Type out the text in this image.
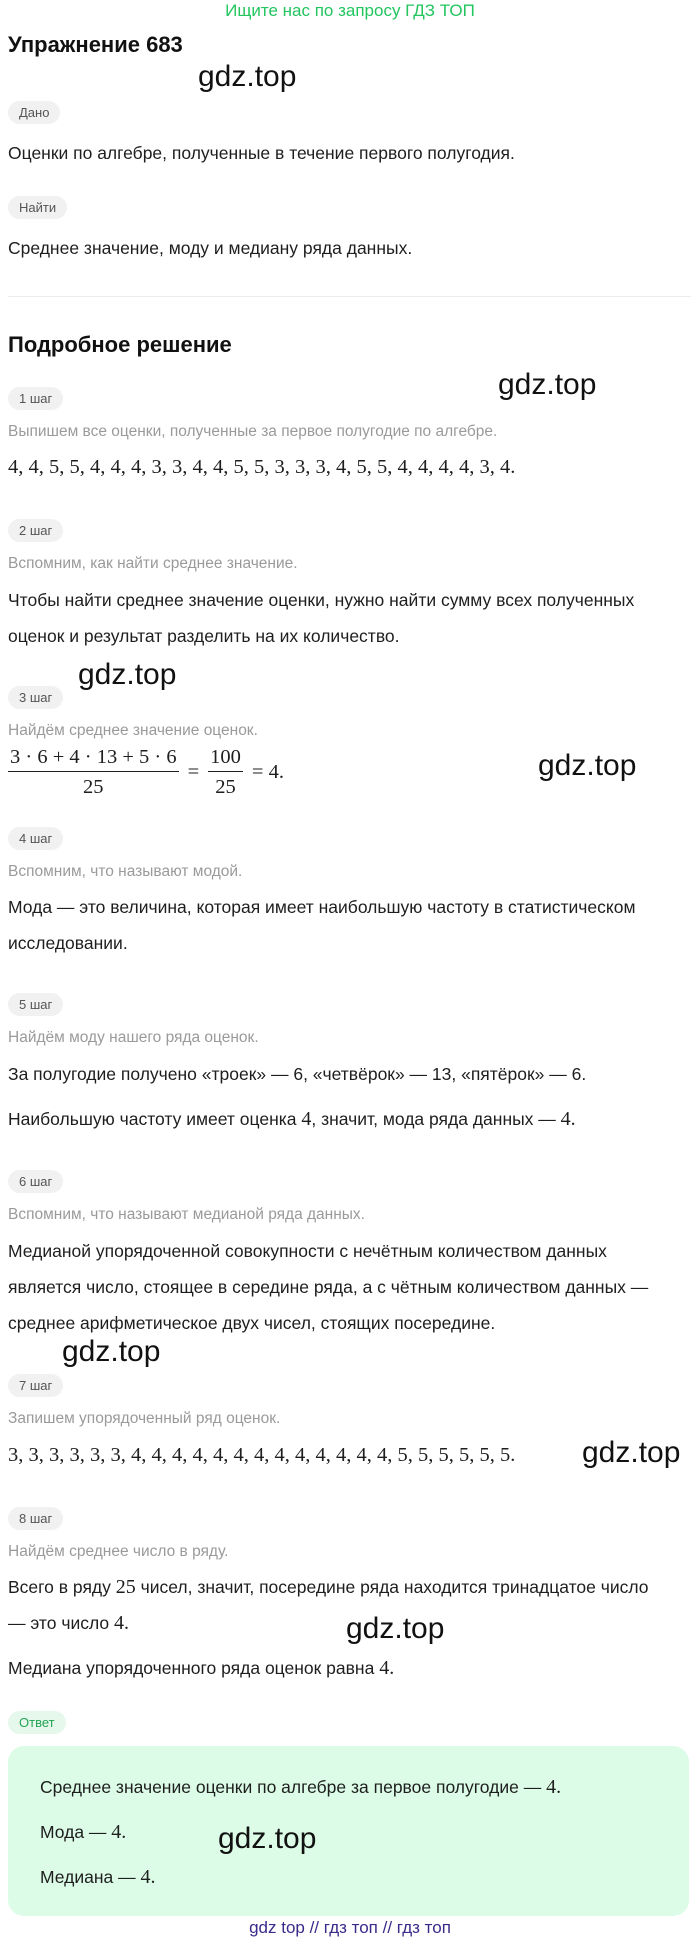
Ищите нас по запросу ГДЗ ТОП
Упражнение 683
Дано
Оценки по алгебре, полученные в течение первого полугодия.
Найти
Среднее значение, моду и медиану ряда данных.
Подробное решение
1 шаг
Выпишем все оценки, полученные за первое полугодие по алгебре.
4, 4, 5, 5, 4, 4, 4, 3, 3, 4, 4, 5, 5, 3, 3, 3, 4, 5, 5, 4, 4, 4, 4, 3, 4.
2 шаг
Вспомним, как найти среднее значение.
Чтобы найти среднее значение оценки, нужно найти сумму всех полученных
оценок и результат разделить на их количество.
3 шаг
Найдём среднее значение оценок.
$\frac{3 \cdot 6 + 4 \cdot 13 + 5 \cdot 6}{25} = \frac{100}{25} = 4$.
4 шаг
Вспомним, что называют модой.
Мода — это величина, которая имеет наибольшую частоту в статистическом
исследовании.
5 шаг
Найдём моду нашего ряда оценок.
За полугодие получено «троек» — 6, «четвёрок» — 13, «пятёрок» — 6.
Наибольшую частоту имеет оценка 4, значит, мода ряда данных — 4.
6 шаг
Вспомним, что называют медианой ряда данных.
Медианой упорядоченной совокупности с нечётным количеством данных
является число, стоящее в середине ряда, а с чётным количеством данных —
среднее арифметическое двух чисел, стоящих посередине.
7 шаг
Запишем упорядоченный ряд оценок.
3, 3, 3, 3, 3, 3, 4, 4, 4, 4, 4, 4, 4, 4, 4, 4, 4, 4, 4, 5, 5, 5, 5, 5, 5.
8 шаг
Найдём среднее число в ряду.
Всего в ряду 25 чисел, значит, посередине ряда находится тринадцатое число
— это число 4.
Медиана упорядоченного ряда оценок равна 4.
Ответ
Среднее значение оценки по алгебре за первое полугодие — 4.
Мода — 4.
Медиана — 4.
gdz.top
gdz.top
gdz.top
gdz.top
gdz.top
gdz.top
gdz.top
gdz.top
gdz top // гдз топ // гдз топ
